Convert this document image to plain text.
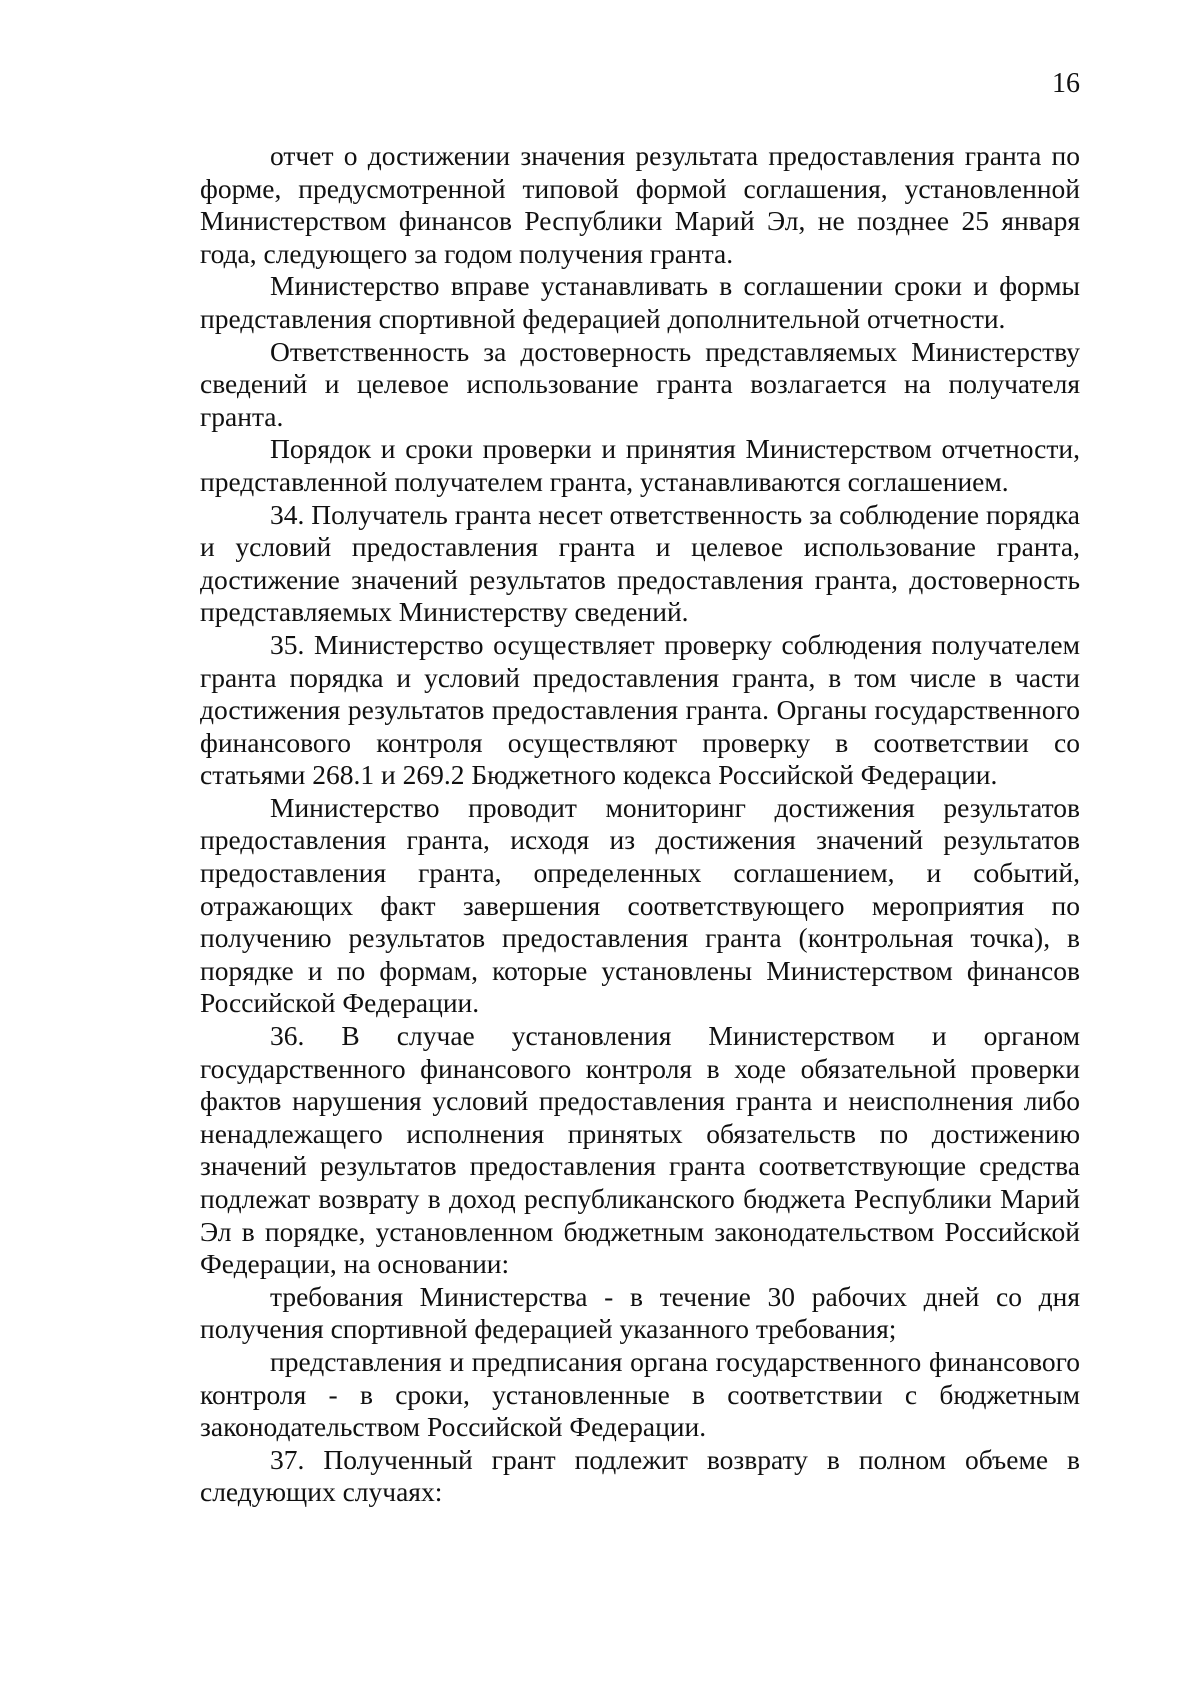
16

отчет о достижении значения результата предоставления гранта по форме, предусмотренной типовой формой соглашения, установленной Министерством финансов Республики Марий Эл, не позднее 25 января года, следующего за годом получения гранта.

Министерство вправе устанавливать в соглашении сроки и формы представления спортивной федерацией дополнительной отчетности.

Ответственность за достоверность представляемых Министерству сведений и целевое использование гранта возлагается на получателя гранта.

Порядок и сроки проверки и принятия Министерством отчетности, представленной получателем гранта, устанавливаются соглашением.

34. Получатель гранта несет ответственность за соблюдение порядка и условий предоставления гранта и целевое использование гранта, достижение значений результатов предоставления гранта, достоверность представляемых Министерству сведений.

35. Министерство осуществляет проверку соблюдения получателем гранта порядка и условий предоставления гранта, в том числе в части достижения результатов предоставления гранта. Органы государственного финансового контроля осуществляют проверку в соответствии со статьями 268.1 и 269.2 Бюджетного кодекса Российской Федерации.

Министерство проводит мониторинг достижения результатов предоставления гранта, исходя из достижения значений результатов предоставления гранта, определенных соглашением, и событий, отражающих факт завершения соответствующего мероприятия по получению результатов предоставления гранта (контрольная точка), в порядке и по формам, которые установлены Министерством финансов Российской Федерации.

36. В случае установления Министерством и органом государственного финансового контроля в ходе обязательной проверки фактов нарушения условий предоставления гранта и неисполнения либо ненадлежащего исполнения принятых обязательств по достижению значений результатов предоставления гранта соответствующие средства подлежат возврату в доход республиканского бюджета Республики Марий Эл в порядке, установленном бюджетным законодательством Российской Федерации, на основании:

требования Министерства - в течение 30 рабочих дней со дня получения спортивной федерацией указанного требования;

представления и предписания органа государственного финансового контроля - в сроки, установленные в соответствии с бюджетным законодательством Российской Федерации.

37. Полученный грант подлежит возврату в полном объеме в следующих случаях:
